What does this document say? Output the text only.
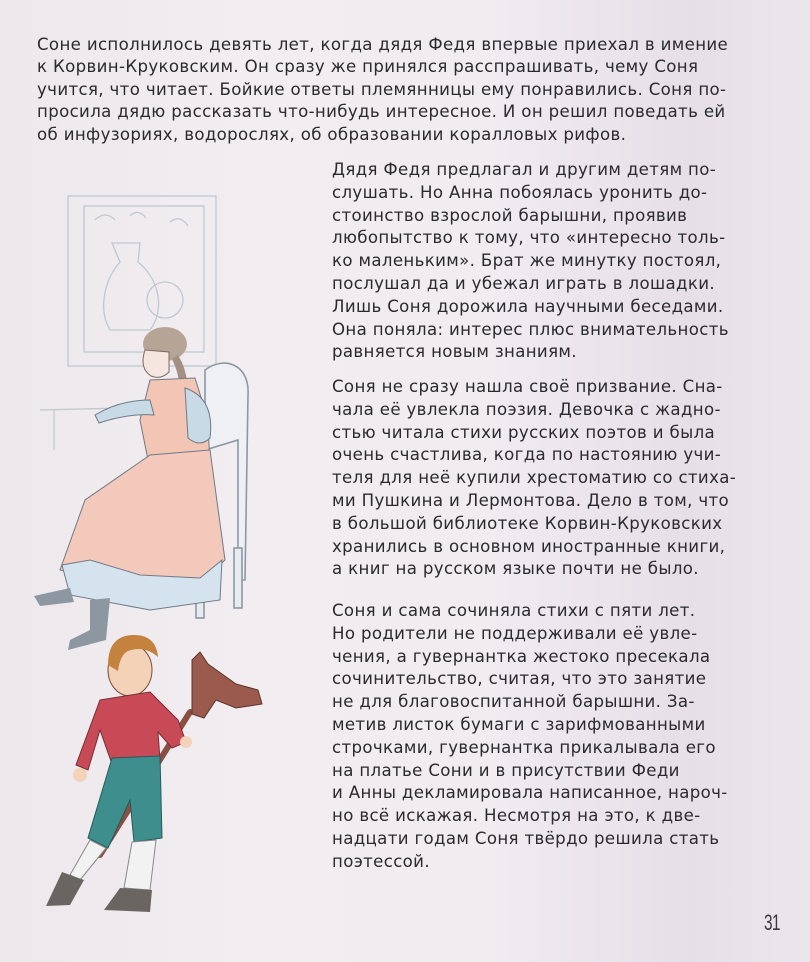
Соне исполнилось девять лет, когда дядя Федя впервые приехал в имение
к Корвин-Круковским. Он сразу же принялся расспрашивать, чему Соня
учится, что читает. Бойкие ответы племянницы ему понравились. Соня по-
просила дядю рассказать что-нибудь интересное. И он решил поведать ей
об инфузориях, водорослях, об образовании коралловых рифов.
Дядя Федя предлагал и другим детям по-
слушать. Но Анна побоялась уронить до-
стоинство взрослой барышни, проявив
любопытство к тому, что «интересно толь-
ко маленьким». Брат же минутку постоял,
послушал да и убежал играть в лошадки.
Лишь Соня дорожила научными беседами.
Она поняла: интерес плюс внимательность
равняется новым знаниям.
Соня не сразу нашла своё призвание. Сна-
чала её увлекла поэзия. Девочка с жадно-
стью читала стихи русских поэтов и была
очень счастлива, когда по настоянию учи-
теля для неё купили хрестоматию со стиха-
ми Пушкина и Лермонтова. Дело в том, что
в большой библиотеке Корвин-Круковских
хранились в основном иностранные книги,
а книг на русском языке почти не было.
Соня и сама сочиняла стихи с пяти лет.
Но родители не поддерживали её увле-
чения, а гувернантка жестоко пресекала
сочинительство, считая, что это занятие
не для благовоспитанной барышни. За-
метив листок бумаги с зарифмованными
строчками, гувернантка прикалывала его
на платье Сони и в присутствии Феди
и Анны декламировала написанное, нароч-
но всё искажая. Несмотря на это, к две-
надцати годам Соня твёрдо решила стать
поэтессой.
31
